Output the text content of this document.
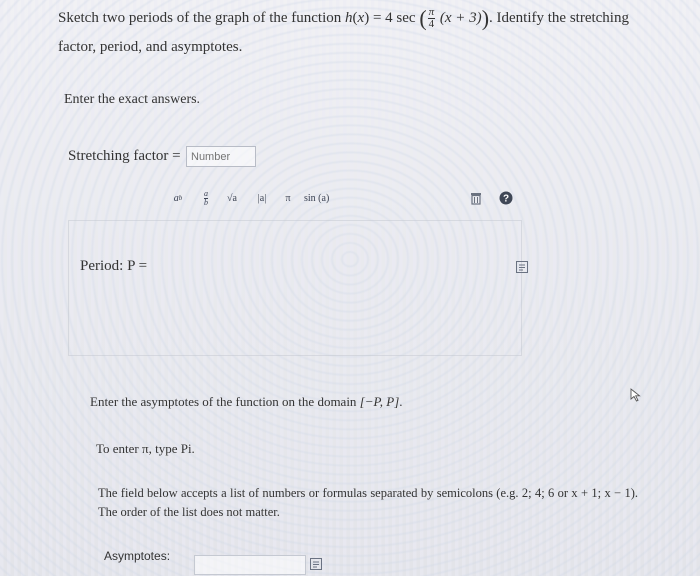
Sketch two periods of the graph of the function h(x) = 4 sec ( $\frac{\pi}{4} (x + 3)$). Identify the stretching
factor, period, and asymptotes.
Enter the exact answers.
Stretching factor =
Number
a b
a
b	√a	|a|	π	sin (a)	?
Period: P =
Enter the asymptotes of the function on the domain [−P, P].
To enter π, type Pi.
The field below accepts a list of numbers or formulas separated by semicolons (e.g. 2; 4; 6 or x + 1; x − 1). The order of the list does not matter.
Asymptotes:
